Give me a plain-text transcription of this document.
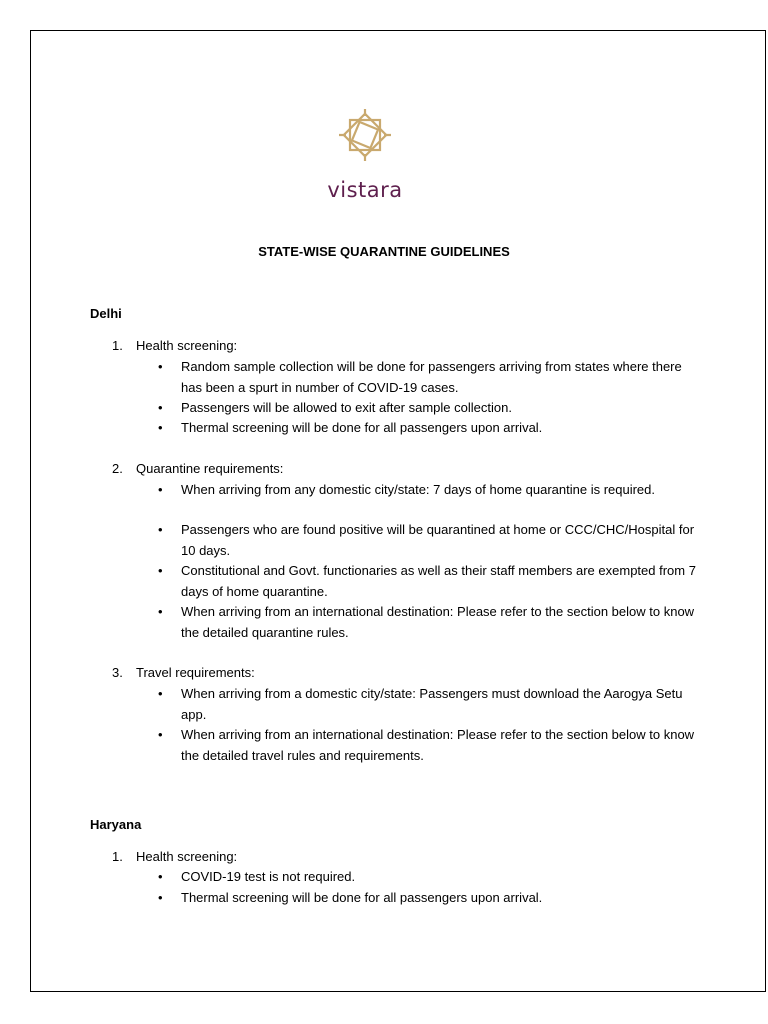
vistara
STATE-WISE QUARANTINE GUIDELINES
Delhi
1. Health screening:
•	Random sample collection will be done for passengers arriving from states where there has been a spurt in number of COVID-19 cases.
•	Passengers will be allowed to exit after sample collection.
•	Thermal screening will be done for all passengers upon arrival.
2. Quarantine requirements:
•	When arriving from any domestic city/state: 7 days of home quarantine is required.
•	Passengers who are found positive will be quarantined at home or CCC/CHC/Hospital for 10 days.
•	Constitutional and Govt. functionaries as well as their staff members are exempted from 7 days of home quarantine.
•	When arriving from an international destination: Please refer to the section below to know the detailed quarantine rules.
3. Travel requirements:
•	When arriving from a domestic city/state: Passengers must download the Aarogya Setu app.
•	When arriving from an international destination: Please refer to the section below to know the detailed travel rules and requirements.
Haryana
1. Health screening:
•	COVID-19 test is not required.
•	Thermal screening will be done for all passengers upon arrival.
